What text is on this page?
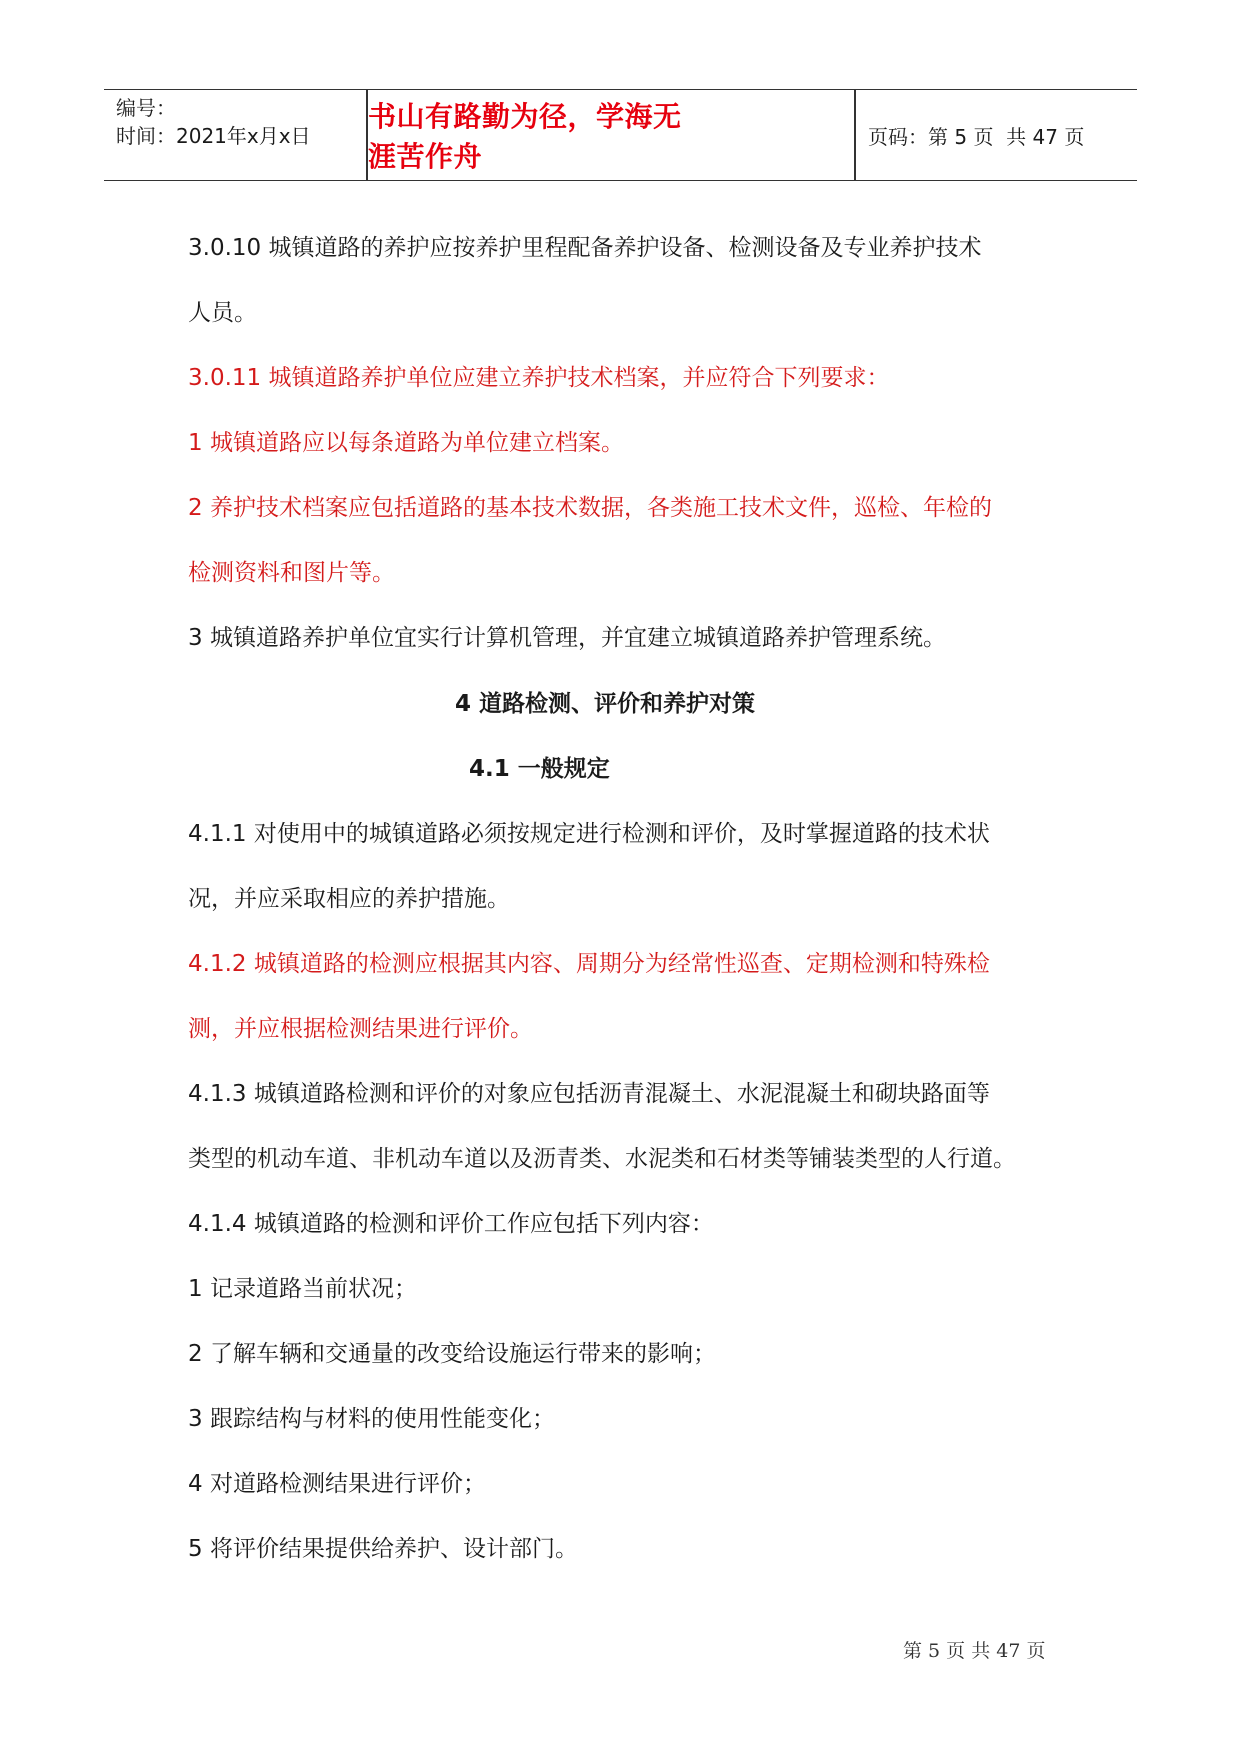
编号：
时间：2021年x月x日
书山有路勤为径，学海无涯苦作舟
页码：第 5 页  共 47 页
3.0.10 城镇道路的养护应按养护里程配备养护设备、检测设备及专业养护技术
人员。
3.0.11 城镇道路养护单位应建立养护技术档案，并应符合下列要求：
1 城镇道路应以每条道路为单位建立档案。
2 养护技术档案应包括道路的基本技术数据，各类施工技术文件，巡检、年检的
检测资料和图片等。
3 城镇道路养护单位宜实行计算机管理，并宜建立城镇道路养护管理系统。
4 道路检测、评价和养护对策
4.1 一般规定
4.1.1 对使用中的城镇道路必须按规定进行检测和评价，及时掌握道路的技术状
况，并应采取相应的养护措施。
4.1.2 城镇道路的检测应根据其内容、周期分为经常性巡查、定期检测和特殊检
测，并应根据检测结果进行评价。
4.1.3 城镇道路检测和评价的对象应包括沥青混凝土、水泥混凝土和砌块路面等
类型的机动车道、非机动车道以及沥青类、水泥类和石材类等铺装类型的人行道。
4.1.4 城镇道路的检测和评价工作应包括下列内容：
1 记录道路当前状况；
2 了解车辆和交通量的改变给设施运行带来的影响；
3 跟踪结构与材料的使用性能变化；
4 对道路检测结果进行评价；
5 将评价结果提供给养护、设计部门。
第 5 页 共 47 页
